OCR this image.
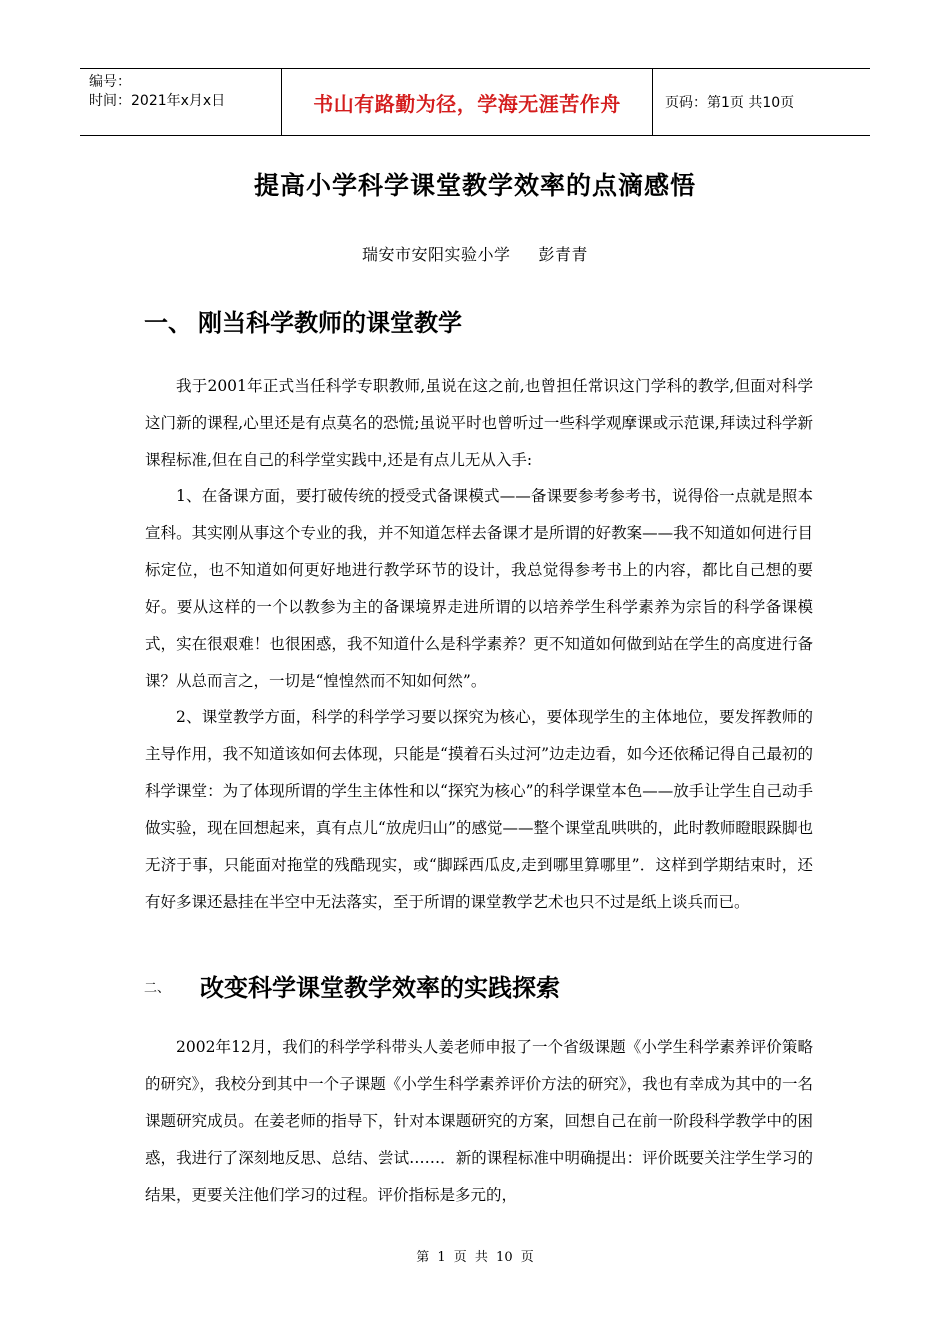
编号：
时间：2021年x月x日	书山有路勤为径，学海无涯苦作舟	页码：第1页 共10页
提高小学科学课堂教学效率的点滴感悟
瑞安市安阳实验小学 彭青青
一、 刚当科学教师的课堂教学
我于2001年正式当任科学专职教师,虽说在这之前,也曾担任常识这门学科的教学,但面对科学这门新的课程,心里还是有点莫名的恐慌;虽说平时也曾听过一些科学观摩课或示范课,拜读过科学新课程标准,但在自己的科学堂实践中,还是有点儿无从入手:
1、在备课方面，要打破传统的授受式备课模式——备课要参考参考书，说得俗一点就是照本宣科。其实刚从事这个专业的我，并不知道怎样去备课才是所谓的好教案——我不知道如何进行目标定位，也不知道如何更好地进行教学环节的设计，我总觉得参考书上的内容，都比自己想的要好。要从这样的一个以教参为主的备课境界走进所谓的以培养学生科学素养为宗旨的科学备课模式，实在很艰难！也很困惑，我不知道什么是科学素养？更不知道如何做到站在学生的高度进行备课？从总而言之，一切是“惶惶然而不知如何然”。
2、课堂教学方面，科学的科学学习要以探究为核心，要体现学生的主体地位，要发挥教师的主导作用，我不知道该如何去体现，只能是“摸着石头过河”边走边看，如今还依稀记得自己最初的科学课堂：为了体现所谓的学生主体性和以“探究为核心”的科学课堂本色——放手让学生自己动手做实验，现在回想起来，真有点儿“放虎归山”的感觉——整个课堂乱哄哄的，此时教师瞪眼跺脚也无济于事，只能面对拖堂的残酷现实，或“脚踩西瓜皮,走到哪里算哪里”．这样到学期结束时，还有好多课还悬挂在半空中无法落实，至于所谓的课堂教学艺术也只不过是纸上谈兵而已。
二、 改变科学课堂教学效率的实践探索
2002年12月，我们的科学学科带头人姜老师申报了一个省级课题《小学生科学素养评价策略的研究》，我校分到其中一个子课题《小学生科学素养评价方法的研究》，我也有幸成为其中的一名课题研究成员。在姜老师的指导下，针对本课题研究的方案，回想自己在前一阶段科学教学中的困惑，我进行了深刻地反思、总结、尝试……．新的课程标准中明确提出：评价既要关注学生学习的结果，更要关注他们学习的过程。评价指标是多元的，
第 1 页 共 10 页
